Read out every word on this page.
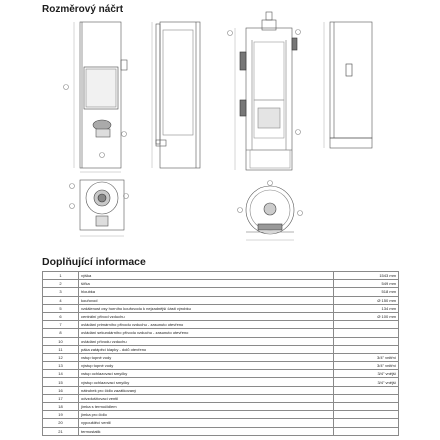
Rozměrový náčrt
Doplňující informace
1	výška	1543 mm
2	šířka	549 mm
3	hloubka	518 mm
4	kouřovod	Ø 150 mm
5	vzdálenost osy horního kouřovodu k nejzadnější části výrobku	134 mm
6	centrální přívod vzduchu	Ø 100 mm
7	ovládání primárního přívodu vzduchu - zasunuto otevřeno	
8	ovládání sekundárního přívodu vzduchu - zasunuto otevřeno	
10	ovládání přívodu vzduchu	
11	páka zatápěcí klapky - dolů otevřeno	
12	vstup topné vody	3/4" vnitřní
13	výstup topné vody	3/4" vnitřní
14	vstup ochlazovací smyčky	3/4" vnější
15	výstup ochlazovací smyčky	3/4" vnější
16	nátrubek pro čidlo zazátkovaný	
17	odvzdušňovací ventil	
18	jímka s termočidlem	
19	jímka pro čidlo	
20	vypouštěcí ventil	
21	termostatik	
